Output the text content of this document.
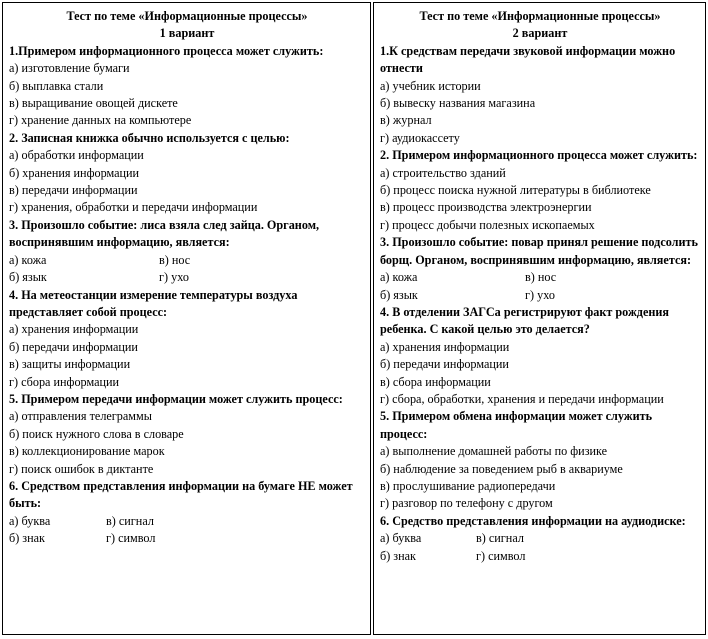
Тест по теме «Информационные процессы»
1 вариант
1.Примером информационного процесса может служить:
а) изготовление бумаги
б) выплавка стали
в) выращивание овощей дискете
г) хранение данных на компьютере
2. Записная книжка обычно используется с целью:
а) обработки информации
б) хранения информации
в) передачи информации
г) хранения, обработки и передачи информации
3. Произошло событие: лиса взяла след зайца. Органом, воспринявшим информацию, является:
а) кожа	в) нос
б) язык	г) ухо
4. На метеостанции измерение температуры воздуха представляет собой процесс:
а) хранения информации
б) передачи информации
в) защиты информации
г) сбора информации
5. Примером передачи информации может служить процесс:
а) отправления телеграммы
б) поиск нужного слова в словаре
в) коллекционирование марок
г) поиск ошибок в диктанте
6. Средством представления информации на бумаге НЕ может быть:
а) буква	в) сигнал
б) знак	г) символ
Тест по теме «Информационные процессы»
2 вариант
1.К средствам передачи звуковой информации можно отнести
а) учебник истории
б) вывеску названия магазина
в) журнал
г) аудиокассету
2. Примером информационного процесса может служить:
а) строительство зданий
б) процесс поиска нужной литературы в библиотеке
в) процесс производства электроэнергии
г) процесс добычи полезных ископаемых
3. Произошло событие: повар принял решение подсолить борщ. Органом, воспринявшим информацию, является:
а) кожа	в) нос
б) язык	г) ухо
4. В отделении ЗАГСа регистрируют факт рождения ребенка. С какой целью это делается?
а) хранения информации
б) передачи информации
в) сбора информации
г) сбора, обработки, хранения и передачи информации
5. Примером обмена информации может служить процесс:
а) выполнение домашней работы по физике
б) наблюдение за поведением рыб в аквариуме
в) прослушивание радиопередачи
г) разговор по телефону с другом
6. Средство представления информации на аудиодиске:
а) буква	в) сигнал
б) знак	г) символ
